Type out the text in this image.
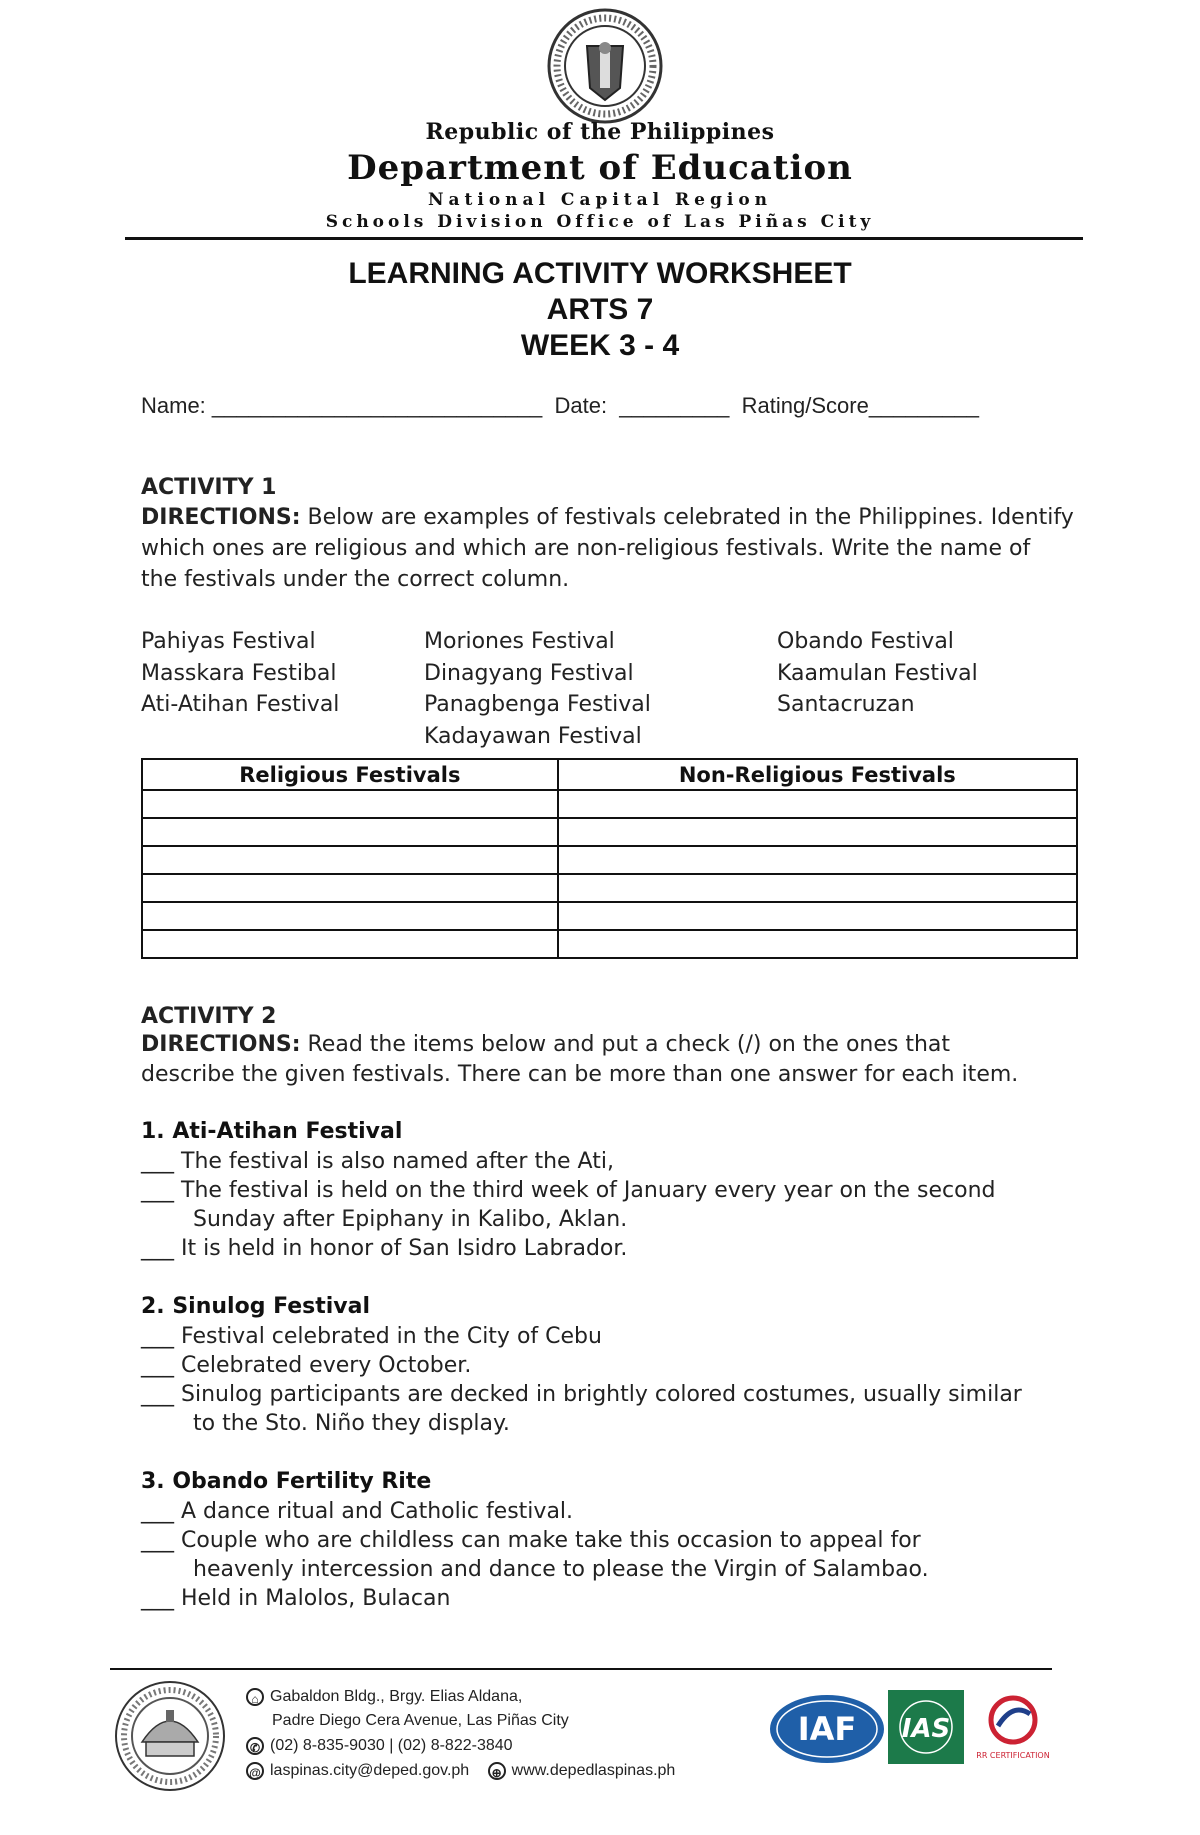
Republic of the Philippines
Department of Education
National Capital Region
Schools Division Office of Las Piñas City
LEARNING ACTIVITY WORKSHEET
ARTS 7
WEEK 3 - 4
Name: ___________________________  Date:  _________  Rating/Score_________
ACTIVITY 1
DIRECTIONS: Below are examples of festivals celebrated in the Philippines. Identify
which ones are religious and which are non-religious festivals. Write the name of
the festivals under the correct column.
Pahiyas Festival
Masskara Festibal
Ati-Atihan Festival
Moriones Festival
Dinagyang Festival
Panagbenga Festival
Kadayawan Festival
Obando Festival
Kaamulan Festival
Santacruzan
Religious Festivals	Non-Religious Festivals

ACTIVITY 2
DIRECTIONS: Read the items below and put a check (/) on the ones that
describe the given festivals. There can be more than one answer for each item.
1. Ati-Atihan Festival
___ The festival is also named after the Ati,
___ The festival is held on the third week of January every year on the second
Sunday after Epiphany in Kalibo, Aklan.
___ It is held in honor of San Isidro Labrador.
2. Sinulog Festival
___ Festival celebrated in the City of Cebu
___ Celebrated every October.
___ Sinulog participants are decked in brightly colored costumes, usually similar
to the Sto. Niño they display.
3. Obando Fertility Rite
___ A dance ritual and Catholic festival.
___ Couple who are childless can make take this occasion to appeal for
heavenly intercession and dance to please the Virgin of Salambao.
___ Held in Malolos, Bulacan
⌂ Gabaldon Bldg., Brgy. Elias Aldana,
Padre Diego Cera Avenue, Las Piñas City
✆ (02) 8-835-9030 | (02) 8-822-3840
@ laspinas.city@deped.gov.ph ⊕ www.depedlaspinas.ph
IAF IAS
RR CERTIFICATION
